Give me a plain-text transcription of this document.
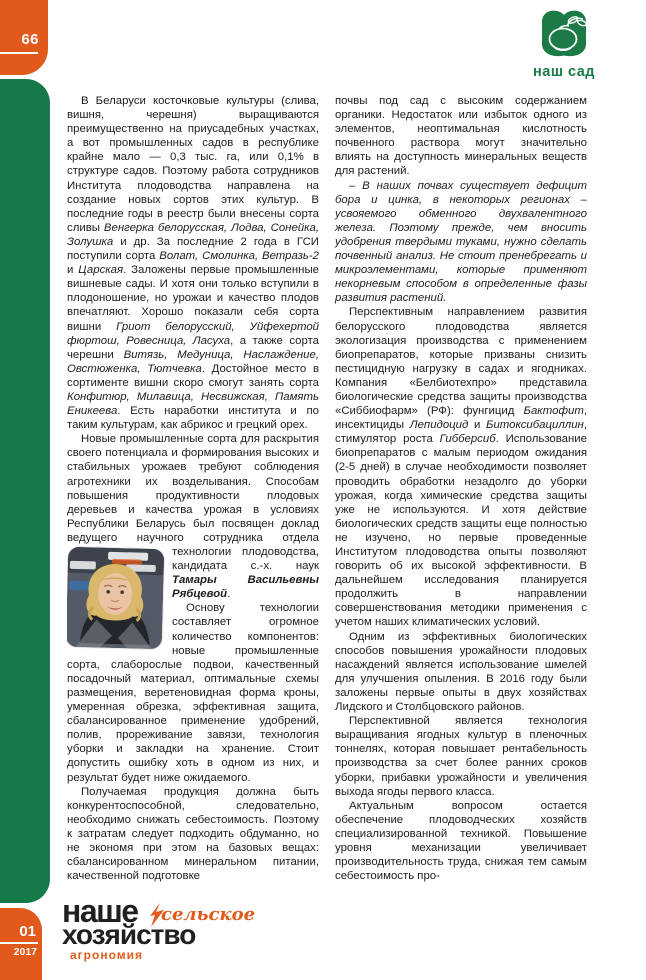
66
01
2017
наш сад

В Беларуси косточковые культуры (слива, вишня, черешня) выращиваются преимущественно на приусадебных участках, а вот промышленных садов в республике крайне мало — 0,3 тыс. га, или 0,1% в структуре садов. Поэтому работа сотрудников Института плодоводства направлена на создание новых сортов этих культур. В последние годы в реестр были внесены сорта сливы Венгерка белорусская, Лодва, Сонейка, Золушка и др. За последние 2 года в ГСИ поступили сорта Волат, Смолинка, Ветразь-2 и Царская. Заложены первые промышленные вишневые сады. И хотя они только вступили в плодоношение, но урожаи и качество плодов впечатляют. Хорошо показали себя сорта вишни Гриот белорусский, Уйфехертой фюртош, Ровесница, Ласуха, а также сорта черешни Витязь, Медуница, Наслаждение, Овстюженка, Тютчевка. Достойное место в сортименте вишни скоро смогут занять сорта Конфитюр, Милавица, Несвижская, Память Еникеева. Есть наработки института и по таким культурам, как абрикос и грецкий орех.

Новые промышленные сорта для раскрытия своего потенциала и формирования высоких и стабильных урожаев требуют соблюдения агротехники их возделывания. Способам повышения продуктивности плодовых деревьев и качества урожая в условиях Республики Беларусь был посвящен доклад ведущего научного сотрудника отдела технологии плодоводства,
кандидата с.-х. наук Тамары Васильевны Рябцевой.

Основу технологии составляет огромное количество компонентов: новые промышленные сорта, слаборослые подвои, качественный посадочный материал, оптимальные схемы размещения, веретеновидная форма кроны, умеренная обрезка, эффективная защита, сбалансированное применение удобрений, полив, прореживание завязи, технология уборки и закладки на хранение. Стоит допустить ошибку хоть в одном из них, и результат будет ниже ожидаемого.

Получаемая продукция должна быть конкурентоспособной, следовательно, необходимо снижать себестоимость. Поэтому к затратам следует подходить обдуманно, но не экономя при этом на базовых вещах: сбалансированном минеральном питании, качественной подготовке

почвы под сад с высоким содержанием органики. Недостаток или избыток одного из элементов, неоптимальная кислотность почвенного раствора могут значительно влиять на доступность минеральных веществ для растений.

– В наших почвах существует дефицит бора и цинка, в некоторых регионах – усвояемого обменного двухвалентного железа. Поэтому прежде, чем вносить удобрения твердыми туками, нужно сделать почвенный анализ. Не стоит пренебрегать и микроэлементами, которые применяют некорневым способом в определенные фазы развития растений.

Перспективным направлением развития белорусского плодоводства является экологизация производства с применением биопрепаратов, которые призваны снизить пестицидную нагрузку в садах и ягодниках. Компания «Белбиотехпро» представила биологические средства защиты производства «Сиббиофарм» (РФ): фунгицид Бактофит, инсектициды Лепидоцид и Битоксибациллин, стимулятор роста Гибберсиб. Использование биопрепаратов с малым периодом ожидания (2-5 дней) в случае необходимости позволяет проводить обработки незадолго до уборки урожая, когда химические средства защиты уже не используются. И хотя действие биологических средств защиты еще полностью не изучено, но первые проведенные Институтом плодоводства опыты позволяют говорить об их высокой эффективности. В дальнейшем исследования планируется продолжить в направлении совершенствования методики применения с учетом наших климатических условий.

Одним из эффективных биологических способов повышения урожайности плодовых насаждений является использование шмелей для улучшения опыления. В 2016 году были заложены первые опыты в двух хозяйствах Лидского и Столбцовского районов.

Перспективной является технология выращивания ягодных культур в пленочных тоннелях, которая повышает рентабельность производства за счет более ранних сроков уборки, прибавки урожайности и увеличения выхода ягоды первого класса.

Актуальным вопросом остается обеспечение плодоводческих хозяйств специализированной техникой. Повышение уровня механизации увеличивает производительность труда, снижая тем самым себестоимость про-

наше сельское
хозяйство
агрономия
